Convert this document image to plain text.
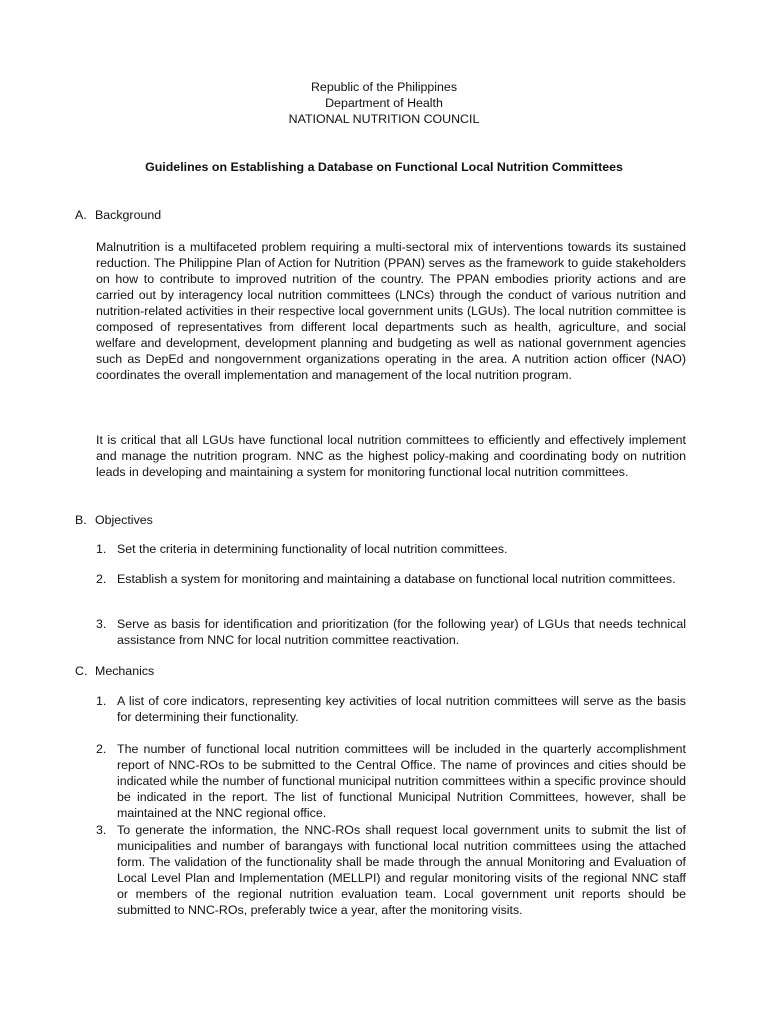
Republic of the Philippines
Department of Health
NATIONAL NUTRITION COUNCIL
Guidelines on Establishing a Database on Functional Local Nutrition Committees
A. Background
Malnutrition is a multifaceted problem requiring a multi-sectoral mix of interventions towards its sustained reduction. The Philippine Plan of Action for Nutrition (PPAN) serves as the framework to guide stakeholders on how to contribute to improved nutrition of the country. The PPAN embodies priority actions and are carried out by interagency local nutrition committees (LNCs) through the conduct of various nutrition and nutrition-related activities in their respective local government units (LGUs). The local nutrition committee is composed of representatives from different local departments such as health, agriculture, and social welfare and development, development planning and budgeting as well as national government agencies such as DepEd and nongovernment organizations operating in the area. A nutrition action officer (NAO) coordinates the overall implementation and management of the local nutrition program.
It is critical that all LGUs have functional local nutrition committees to efficiently and effectively implement and manage the nutrition program. NNC as the highest policy-making and coordinating body on nutrition leads in developing and maintaining a system for monitoring functional local nutrition committees.
B. Objectives
1. Set the criteria in determining functionality of local nutrition committees.
2. Establish a system for monitoring and maintaining a database on functional local nutrition committees.
3. Serve as basis for identification and prioritization (for the following year) of LGUs that needs technical assistance from NNC for local nutrition committee reactivation.
C. Mechanics
1. A list of core indicators, representing key activities of local nutrition committees will serve as the basis for determining their functionality.
2. The number of functional local nutrition committees will be included in the quarterly accomplishment report of NNC-ROs to be submitted to the Central Office. The name of provinces and cities should be indicated while the number of functional municipal nutrition committees within a specific province should be indicated in the report. The list of functional Municipal Nutrition Committees, however, shall be maintained at the NNC regional office.
3. To generate the information, the NNC-ROs shall request local government units to submit the list of municipalities and number of barangays with functional local nutrition committees using the attached form. The validation of the functionality shall be made through the annual Monitoring and Evaluation of Local Level Plan and Implementation (MELLPI) and regular monitoring visits of the regional NNC staff or members of the regional nutrition evaluation team. Local government unit reports should be submitted to NNC-ROs, preferably twice a year, after the monitoring visits.
